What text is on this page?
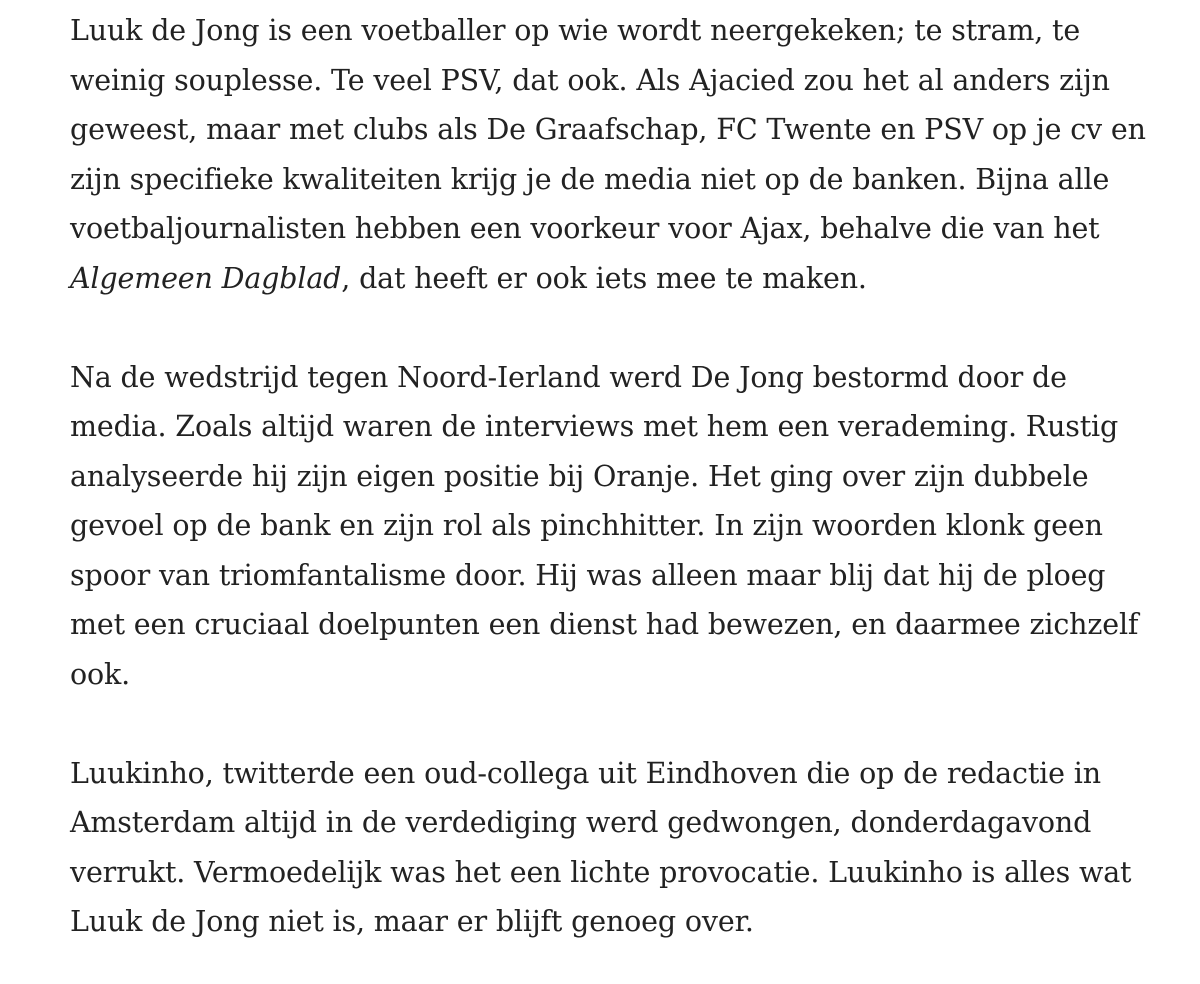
Luuk de Jong is een voetballer op wie wordt neergekeken; te stram, te
weinig souplesse. Te veel PSV, dat ook. Als Ajacied zou het al anders zijn
geweest, maar met clubs als De Graafschap, FC Twente en PSV op je cv en
zijn specifieke kwaliteiten krijg je de media niet op de banken. Bijna alle
voetbaljournalisten hebben een voorkeur voor Ajax, behalve die van het
Algemeen Dagblad, dat heeft er ook iets mee te maken.

Na de wedstrijd tegen Noord-Ierland werd De Jong bestormd door de
media. Zoals altijd waren de interviews met hem een verademing. Rustig
analyseerde hij zijn eigen positie bij Oranje. Het ging over zijn dubbele
gevoel op de bank en zijn rol als pinchhitter. In zijn woorden klonk geen
spoor van triomfantalisme door. Hij was alleen maar blij dat hij de ploeg
met een cruciaal doelpunten een dienst had bewezen, en daarmee zichzelf
ook.

Luukinho, twitterde een oud-collega uit Eindhoven die op de redactie in
Amsterdam altijd in de verdediging werd gedwongen, donderdagavond
verrukt. Vermoedelijk was het een lichte provocatie. Luukinho is alles wat
Luuk de Jong niet is, maar er blijft genoeg over.
